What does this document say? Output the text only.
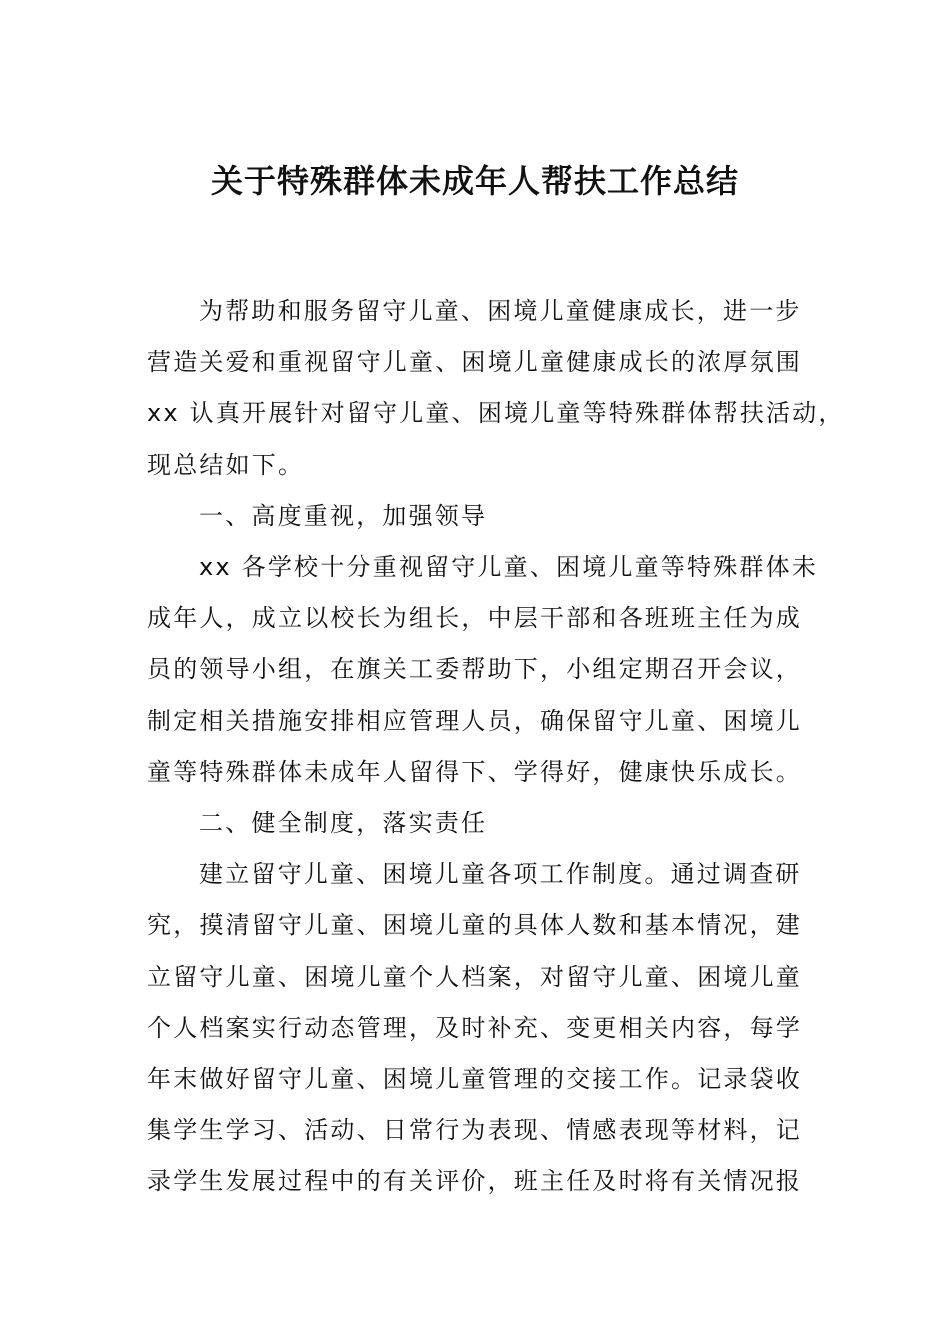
关于特殊群体未成年人帮扶工作总结
为帮助和服务留守儿童、困境儿童健康成长，进一步
营造关爱和重视留守儿童、困境儿童健康成长的浓厚氛围
xx 认真开展针对留守儿童、困境儿童等特殊群体帮扶活动，
现总结如下。
一、高度重视，加强领导
xx 各学校十分重视留守儿童、困境儿童等特殊群体未
成年人，成立以校长为组长，中层干部和各班班主任为成
员的领导小组，在旗关工委帮助下，小组定期召开会议，
制定相关措施安排相应管理人员，确保留守儿童、困境儿
童等特殊群体未成年人留得下、学得好，健康快乐成长。
二、健全制度，落实责任
建立留守儿童、困境儿童各项工作制度。通过调查研
究，摸清留守儿童、困境儿童的具体人数和基本情况，建
立留守儿童、困境儿童个人档案，对留守儿童、困境儿童
个人档案实行动态管理，及时补充、变更相关内容，每学
年末做好留守儿童、困境儿童管理的交接工作。记录袋收
集学生学习、活动、日常行为表现、情感表现等材料，记
录学生发展过程中的有关评价，班主任及时将有关情况报
